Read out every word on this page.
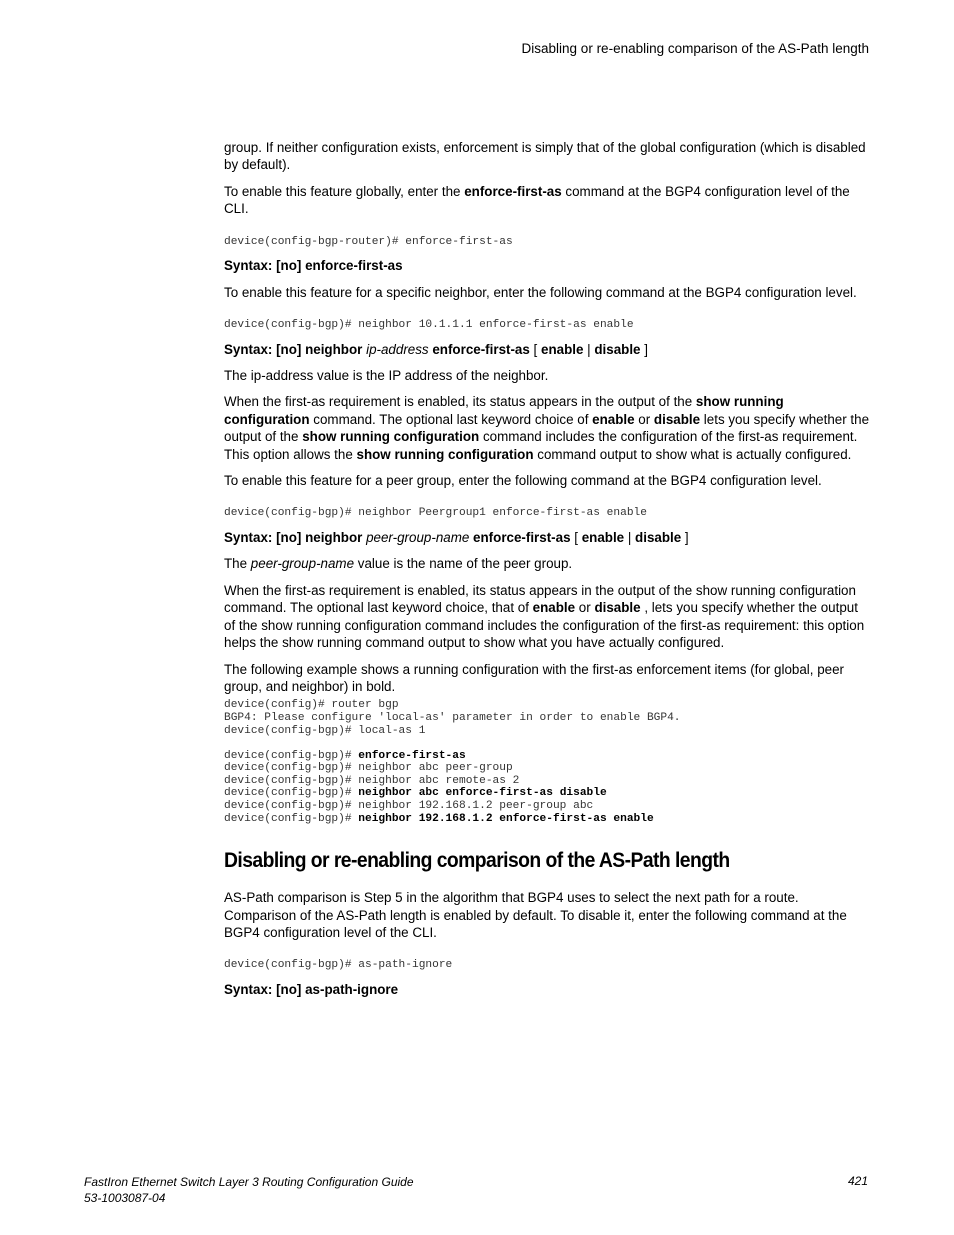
Disabling or re-enabling comparison of the AS-Path length

group. If neither configuration exists, enforcement is simply that of the global configuration (which is disabled by default).

To enable this feature globally, enter the enforce-first-as command at the BGP4 configuration level of the CLI.

device(config-bgp-router)# enforce-first-as

Syntax: [no] enforce-first-as

To enable this feature for a specific neighbor, enter the following command at the BGP4 configuration level.

device(config-bgp)# neighbor 10.1.1.1 enforce-first-as enable

Syntax: [no] neighbor ip-address enforce-first-as [ enable | disable ]

The ip-address value is the IP address of the neighbor.

When the first-as requirement is enabled, its status appears in the output of the show running configuration command. The optional last keyword choice of enable or disable lets you specify whether the output of the show running configuration command includes the configuration of the first-as requirement. This option allows the show running configuration command output to show what is actually configured.

To enable this feature for a peer group, enter the following command at the BGP4 configuration level.

device(config-bgp)# neighbor Peergroup1 enforce-first-as enable

Syntax: [no] neighbor peer-group-name enforce-first-as [ enable | disable ]

The peer-group-name value is the name of the peer group.

When the first-as requirement is enabled, its status appears in the output of the show running configuration command. The optional last keyword choice, that of enable or disable , lets you specify whether the output of the show running configuration command includes the configuration of the first-as requirement: this option helps the show running command output to show what you have actually configured.

The following example shows a running configuration with the first-as enforcement items (for global, peer group, and neighbor) in bold.

device(config)# router bgp
BGP4: Please configure 'local-as' parameter in order to enable BGP4.
device(config-bgp)# local-as 1
device(config-bgp)# enforce-first-as
device(config-bgp)# neighbor abc peer-group
device(config-bgp)# neighbor abc remote-as 2
device(config-bgp)# neighbor abc enforce-first-as disable
device(config-bgp)# neighbor 192.168.1.2 peer-group abc
device(config-bgp)# neighbor 192.168.1.2 enforce-first-as enable
Disabling or re-enabling comparison of the AS-Path length

AS-Path comparison is Step 5 in the algorithm that BGP4 uses to select the next path for a route. Comparison of the AS-Path length is enabled by default. To disable it, enter the following command at the BGP4 configuration level of the CLI.

device(config-bgp)# as-path-ignore

Syntax: [no] as-path-ignore

FastIron Ethernet Switch Layer 3 Routing Configuration Guide
53-1003087-04
421
